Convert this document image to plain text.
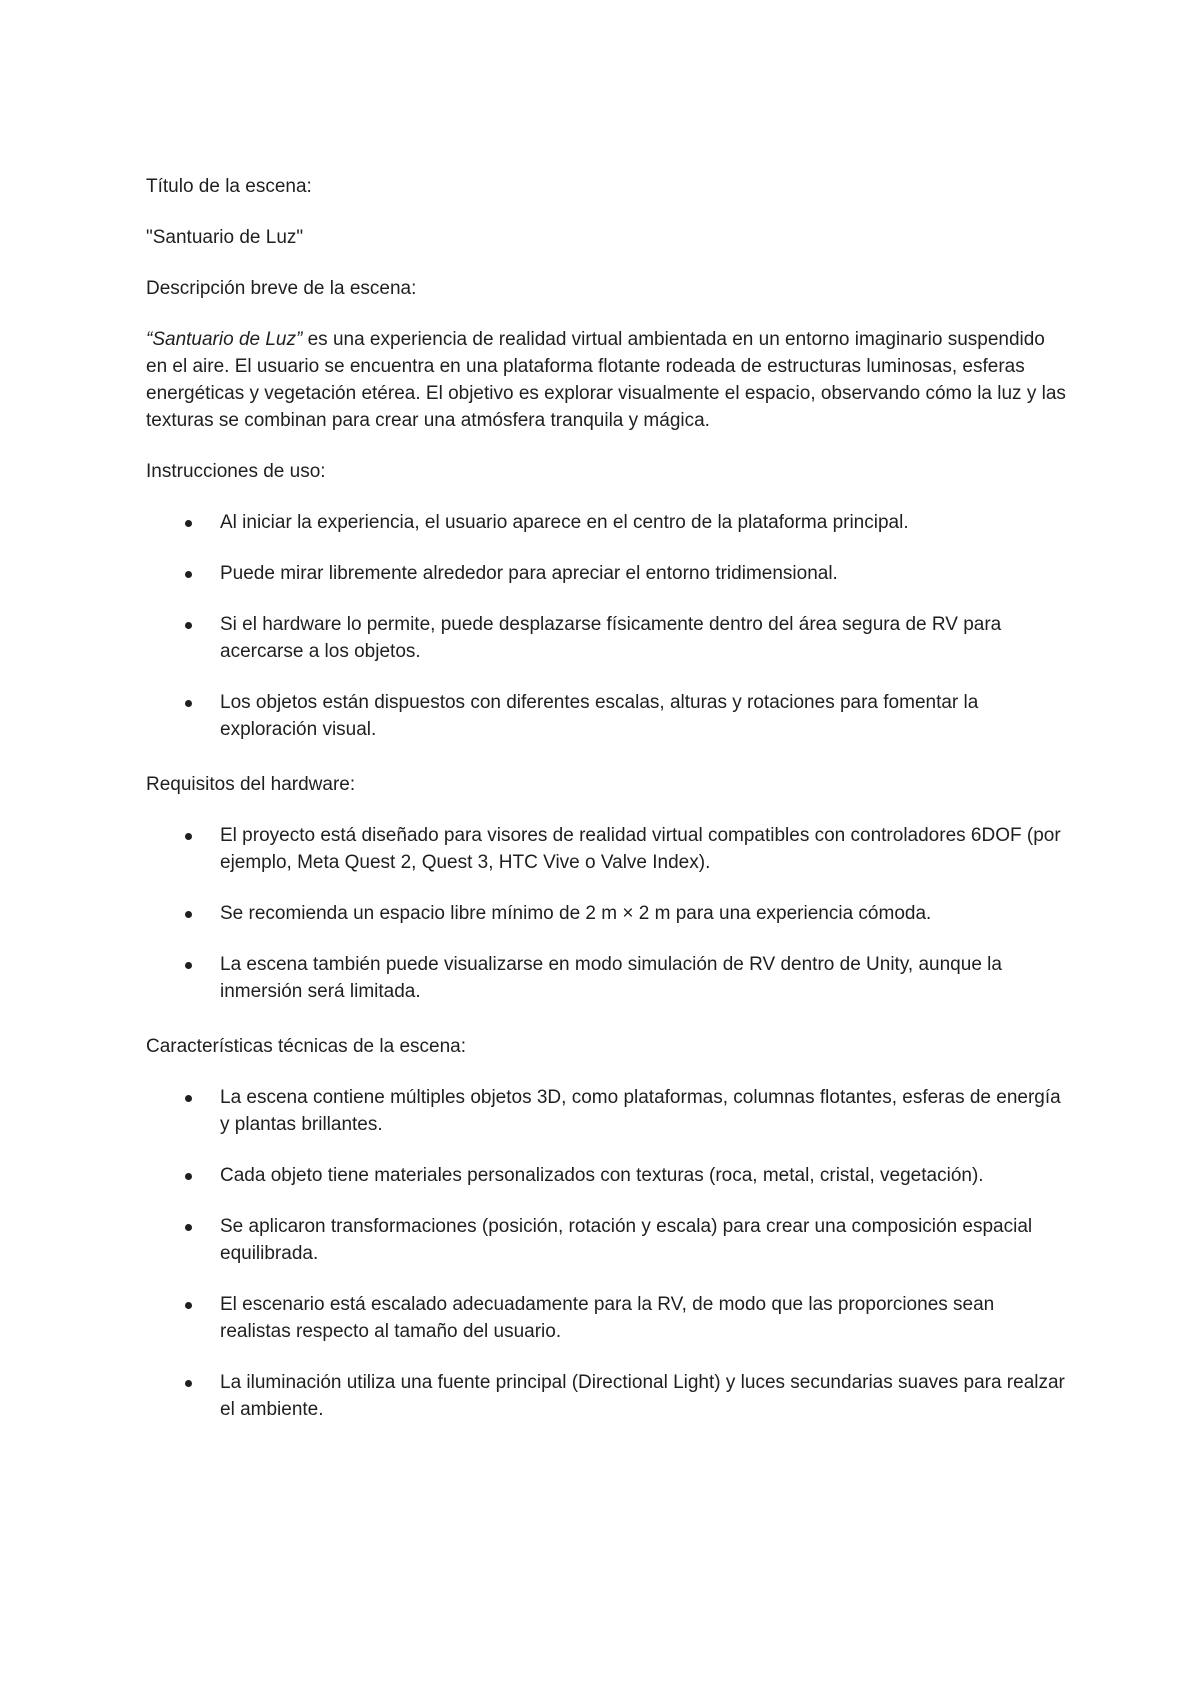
Título de la escena:

"Santuario de Luz"

Descripción breve de la escena:

“Santuario de Luz” es una experiencia de realidad virtual ambientada en un entorno imaginario suspendido en el aire. El usuario se encuentra en una plataforma flotante rodeada de estructuras luminosas, esferas energéticas y vegetación etérea. El objetivo es explorar visualmente el espacio, observando cómo la luz y las texturas se combinan para crear una atmósfera tranquila y mágica.

Instrucciones de uso:

Al iniciar la experiencia, el usuario aparece en el centro de la plataforma principal.
Puede mirar libremente alrededor para apreciar el entorno tridimensional.
Si el hardware lo permite, puede desplazarse físicamente dentro del área segura de RV para acercarse a los objetos.
Los objetos están dispuestos con diferentes escalas, alturas y rotaciones para fomentar la exploración visual.

Requisitos del hardware:

El proyecto está diseñado para visores de realidad virtual compatibles con controladores 6DOF (por ejemplo, Meta Quest 2, Quest 3, HTC Vive o Valve Index).
Se recomienda un espacio libre mínimo de 2 m × 2 m para una experiencia cómoda.
La escena también puede visualizarse en modo simulación de RV dentro de Unity, aunque la inmersión será limitada.

Características técnicas de la escena:

La escena contiene múltiples objetos 3D, como plataformas, columnas flotantes, esferas de energía y plantas brillantes.
Cada objeto tiene materiales personalizados con texturas (roca, metal, cristal, vegetación).
Se aplicaron transformaciones (posición, rotación y escala) para crear una composición espacial equilibrada.
El escenario está escalado adecuadamente para la RV, de modo que las proporciones sean realistas respecto al tamaño del usuario.
La iluminación utiliza una fuente principal (Directional Light) y luces secundarias suaves para realzar el ambiente.
